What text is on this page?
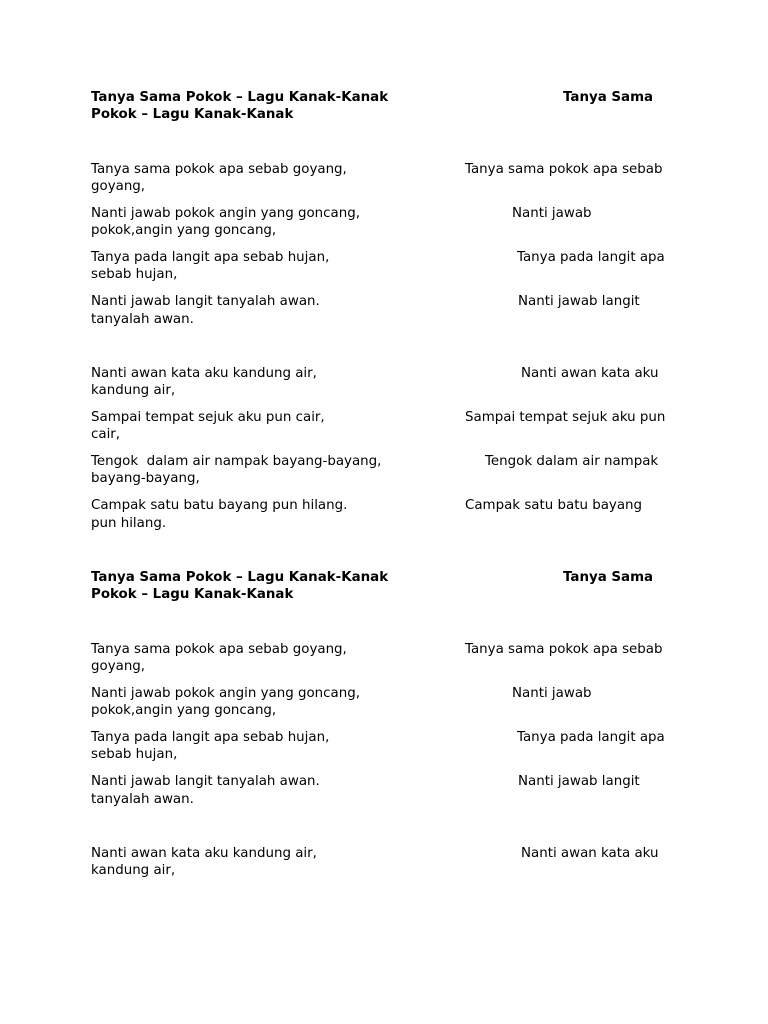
Tanya Sama Pokok – Lagu Kanak-Kanak	Tanya Sama

Pokok – Lagu Kanak-Kanak

Tanya sama pokok apa sebab goyang,	Tanya sama pokok apa sebab

goyang,

Nanti jawab pokok angin yang goncang,	Nanti jawab

pokok,angin yang goncang,

Tanya pada langit apa sebab hujan,	Tanya pada langit apa

sebab hujan,

Nanti jawab langit tanyalah awan.	Nanti jawab langit

tanyalah awan.

Nanti awan kata aku kandung air,	Nanti awan kata aku

kandung air,

Sampai tempat sejuk aku pun cair,	Sampai tempat sejuk aku pun

cair,

Tengok  dalam air nampak bayang-bayang,	Tengok dalam air nampak

bayang-bayang,

Campak satu batu bayang pun hilang.	Campak satu batu bayang

pun hilang.

Tanya Sama Pokok – Lagu Kanak-Kanak	Tanya Sama

Pokok – Lagu Kanak-Kanak

Tanya sama pokok apa sebab goyang,	Tanya sama pokok apa sebab

goyang,

Nanti jawab pokok angin yang goncang,	Nanti jawab

pokok,angin yang goncang,

Tanya pada langit apa sebab hujan,	Tanya pada langit apa

sebab hujan,

Nanti jawab langit tanyalah awan.	Nanti jawab langit

tanyalah awan.

Nanti awan kata aku kandung air,	Nanti awan kata aku

kandung air,
